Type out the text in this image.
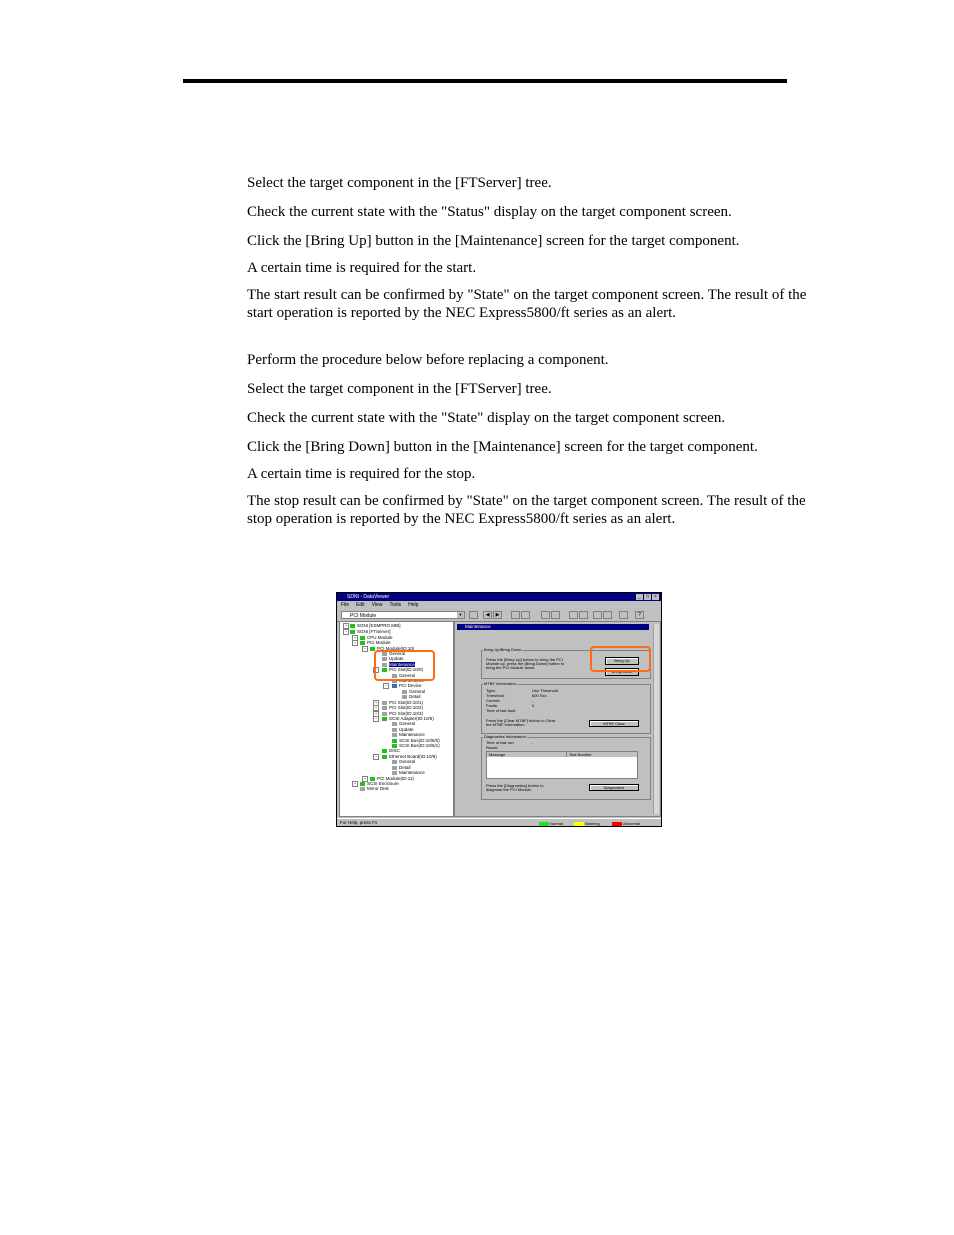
Select the target component in the [FTServer] tree.
Check the current state with the "Status" display on the target component screen.
Click the [Bring Up] button in the [Maintenance] screen for the target component.
A certain time is required for the start.
The start result can be confirmed by "State" on the target component screen. The result of the start operation is reported by the NEC Express5800/ft series as an alert.
Perform the procedure below before replacing a component.
Select the target component in the [FTServer] tree.
Check the current state with the "State" display on the target component screen.
Click the [Bring Down] button in the [Maintenance] screen for the target component.
A certain time is required for the stop.
The stop result can be confirmed by "State" on the target component screen. The result of the stop operation is reported by the NEC Express5800/ft series as an alert.
SDNI - DataViewer	_	□	×
File Edit View Tools Help
PCI Module	▼	◀	▶	?
+	SGNI [ESMPRO MIB]
−	SGNI [FTServer]
+	CPU Module
−	PCI Module
−	PCI Module(ID:10)
General
Update
Maintenance
−	PCI Slot(ID:10/0)
General
Maintenance
−	PCI Device
General
Detail
+	PCI Slot(ID:10/1)
+	PCI Slot(ID:10/2)
+	PCI Slot(ID:10/3)
−	SCSI Adapter(ID:10/5)
General
Update
Maintenance
SCSI Bus(ID:10/5/0)
SCSI Bus(ID:10/5/1)
DISC
−	Ethernet Board(ID:10/6)
General
Detail
Maintenance
+	PCI Module(ID:11)
+	SCSI Enclosure
Mirror Disk
Maintenance
Bring Up/Bring Down
Press the [Bring Up] button to bring the PCI
Module up, press the [Bring Down] button to
bring the PCI Module down.
Bring Up
Bring Down
MTBF Information
Type:	Use Threshold
Threshold:	600 Sec
Current:	-
Faults:	0
Time of last fault:
Press the [Clear MTBF] button to Clear
the MTBF information.	MTBF Clear
Diagnostics Information
Time of last run:	-
Result:
Message	Test Number
Press the [Diagnostics] button to
diagnose the PCI Module.	Diagnostics
For Help, press F1	Normal	Warning	Abnormal
